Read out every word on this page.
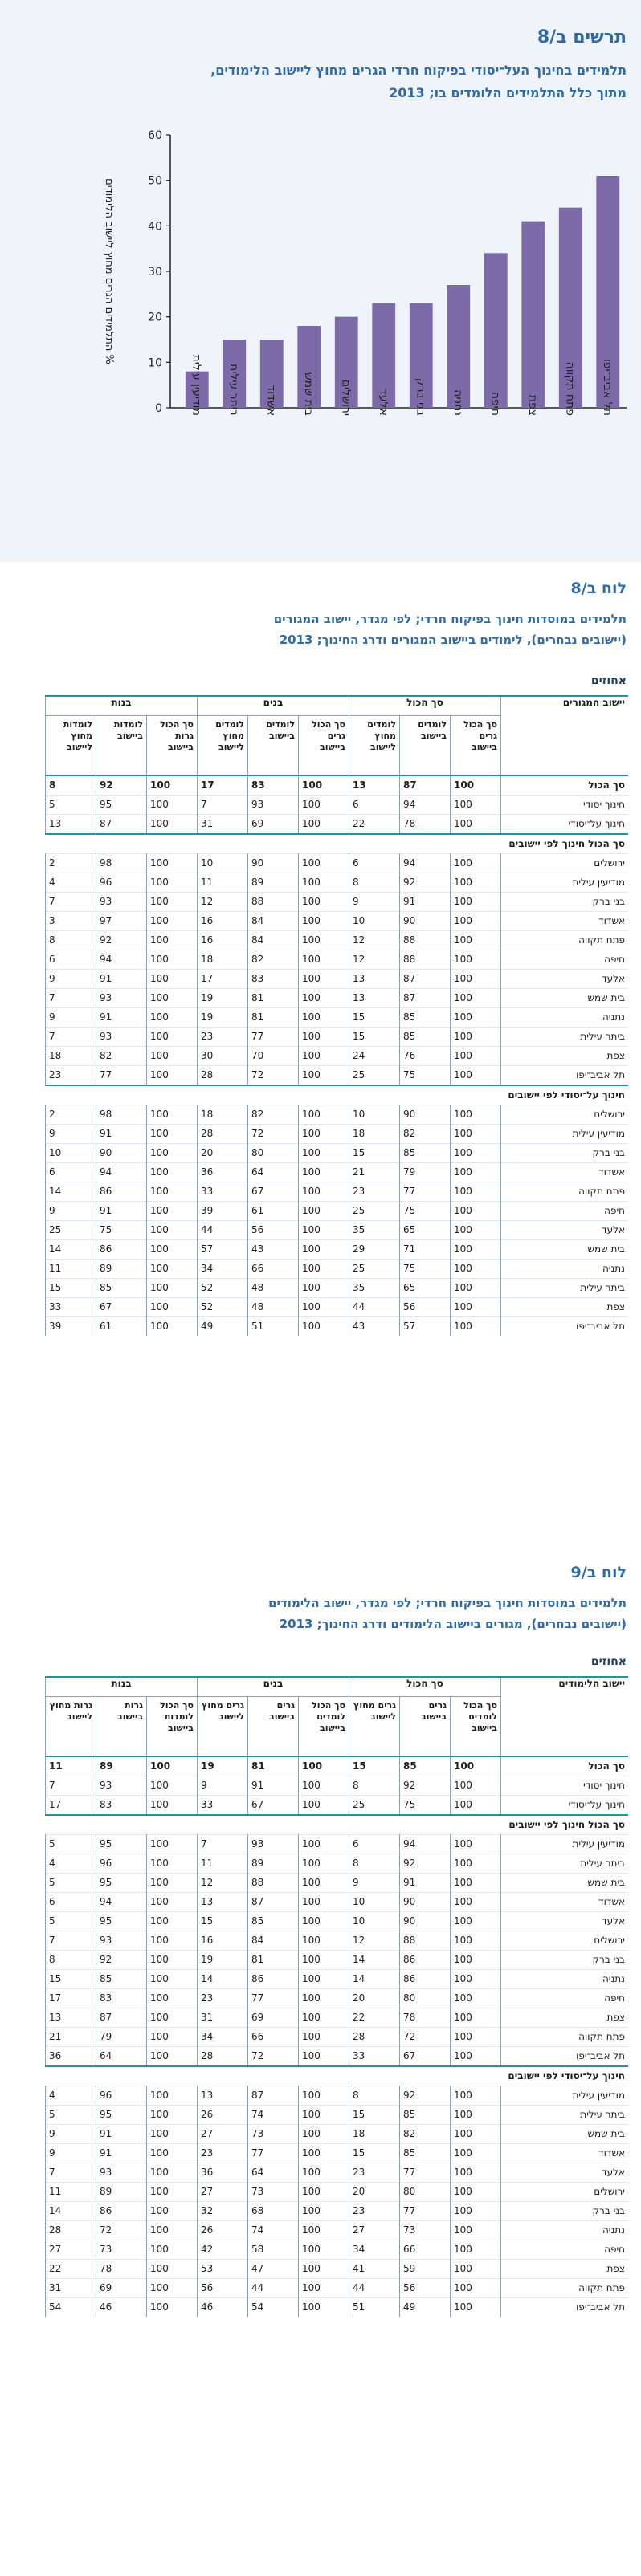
תרשים ב/8
תלמידים בחינוך העל־יסודי בפיקוח חרדי הגרים מחוץ ליישוב הלימודים,
מתוך כלל התלמידים הלומדים בו; 2013
0
10
20
30
40
50
60
% התלמידים הגרים מחוץ ליישוב הלימודים
מודיעין עילית ביתר עילית אשדוד בית שמש ירושלים אלעד בני ברק נתניה חיפה צפת פתח תקווה תל אביב־יפו
לוח ב/8
תלמידים במוסדות חינוך בפיקוח חרדי; לפי מגדר, יישוב המגורים
(יישובים נבחרים), לימודים ביישוב המגורים ודרג החינוך; 2013
אחוזים
יישוב המגורים	סך הכול			בנים			בנות		
	סך הכול גרים ביישוב	לומדים ביישוב	לומדים מחוץ ליישוב	סך הכול גרים ביישוב	לומדים ביישוב	לומדים מחוץ ליישוב	סך הכול גרות ביישוב	לומדות ביישוב	לומדות מחוץ ליישוב
סך הכול	100	87	13	100	83	17	100	92	8
חינוך יסודי	100	94	6	100	93	7	100	95	5
חינוך על־יסודי	100	78	22	100	69	31	100	87	13
סך הכול חינוך לפי יישובים									
ירושלים	100	94	6	100	90	10	100	98	2
מודיעין עילית	100	92	8	100	89	11	100	96	4
בני ברק	100	91	9	100	88	12	100	93	7
אשדוד	100	90	10	100	84	16	100	97	3
פתח תקווה	100	88	12	100	84	16	100	92	8
חיפה	100	88	12	100	82	18	100	94	6
אלעד	100	87	13	100	83	17	100	91	9
בית שמש	100	87	13	100	81	19	100	93	7
נתניה	100	85	15	100	81	19	100	91	9
ביתר עילית	100	85	15	100	77	23	100	93	7
צפת	100	76	24	100	70	30	100	82	18
תל אביב־יפו	100	75	25	100	72	28	100	77	23
חינוך על־יסודי לפי יישובים									
ירושלים	100	90	10	100	82	18	100	98	2
מודיעין עילית	100	82	18	100	72	28	100	91	9
בני ברק	100	85	15	100	80	20	100	90	10
אשדוד	100	79	21	100	64	36	100	94	6
פתח תקווה	100	77	23	100	67	33	100	86	14
חיפה	100	75	25	100	61	39	100	91	9
אלעד	100	65	35	100	56	44	100	75	25
בית שמש	100	71	29	100	43	57	100	86	14
נתניה	100	75	25	100	66	34	100	89	11
ביתר עילית	100	65	35	100	48	52	100	85	15
צפת	100	56	44	100	48	52	100	67	33
תל אביב־יפו	100	57	43	100	51	49	100	61	39
לוח ב/9
תלמידים במוסדות חינוך בפיקוח חרדי; לפי מגדר, יישוב הלימודים
(יישובים נבחרים), מגורים ביישוב הלימודים ודרג החינוך; 2013
אחוזים
יישוב הלימודים	סך הכול			בנים			בנות		
	סך הכול לומדים ביישוב	גרים ביישוב	גרים מחוץ ליישוב	סך הכול לומדים ביישוב	גרים ביישוב	גרים מחוץ ליישוב	סך הכול לומדות ביישוב	גרות ביישוב	גרות מחוץ ליישוב
סך הכול	100	85	15	100	81	19	100	89	11
חינוך יסודי	100	92	8	100	91	9	100	93	7
חינוך על־יסודי	100	75	25	100	67	33	100	83	17
סך הכול חינוך לפי יישובים									
מודיעין עילית	100	94	6	100	93	7	100	95	5
ביתר עילית	100	92	8	100	89	11	100	96	4
בית שמש	100	91	9	100	88	12	100	95	5
אשדוד	100	90	10	100	87	13	100	94	6
אלעד	100	90	10	100	85	15	100	95	5
ירושלים	100	88	12	100	84	16	100	93	7
בני ברק	100	86	14	100	81	19	100	92	8
נתניה	100	86	14	100	86	14	100	85	15
חיפה	100	80	20	100	77	23	100	83	17
צפת	100	78	22	100	69	31	100	87	13
פתח תקווה	100	72	28	100	66	34	100	79	21
תל אביב־יפו	100	67	33	100	72	28	100	64	36
חינוך על־יסודי לפי יישובים									
מודיעין עילית	100	92	8	100	87	13	100	96	4
ביתר עילית	100	85	15	100	74	26	100	95	5
בית שמש	100	82	18	100	73	27	100	91	9
אשדוד	100	85	15	100	77	23	100	91	9
אלעד	100	77	23	100	64	36	100	93	7
ירושלים	100	80	20	100	73	27	100	89	11
בני ברק	100	77	23	100	68	32	100	86	14
נתניה	100	73	27	100	74	26	100	72	28
חיפה	100	66	34	100	58	42	100	73	27
צפת	100	59	41	100	47	53	100	78	22
פתח תקווה	100	56	44	100	44	56	100	69	31
תל אביב־יפו	100	49	51	100	54	46	100	46	54
